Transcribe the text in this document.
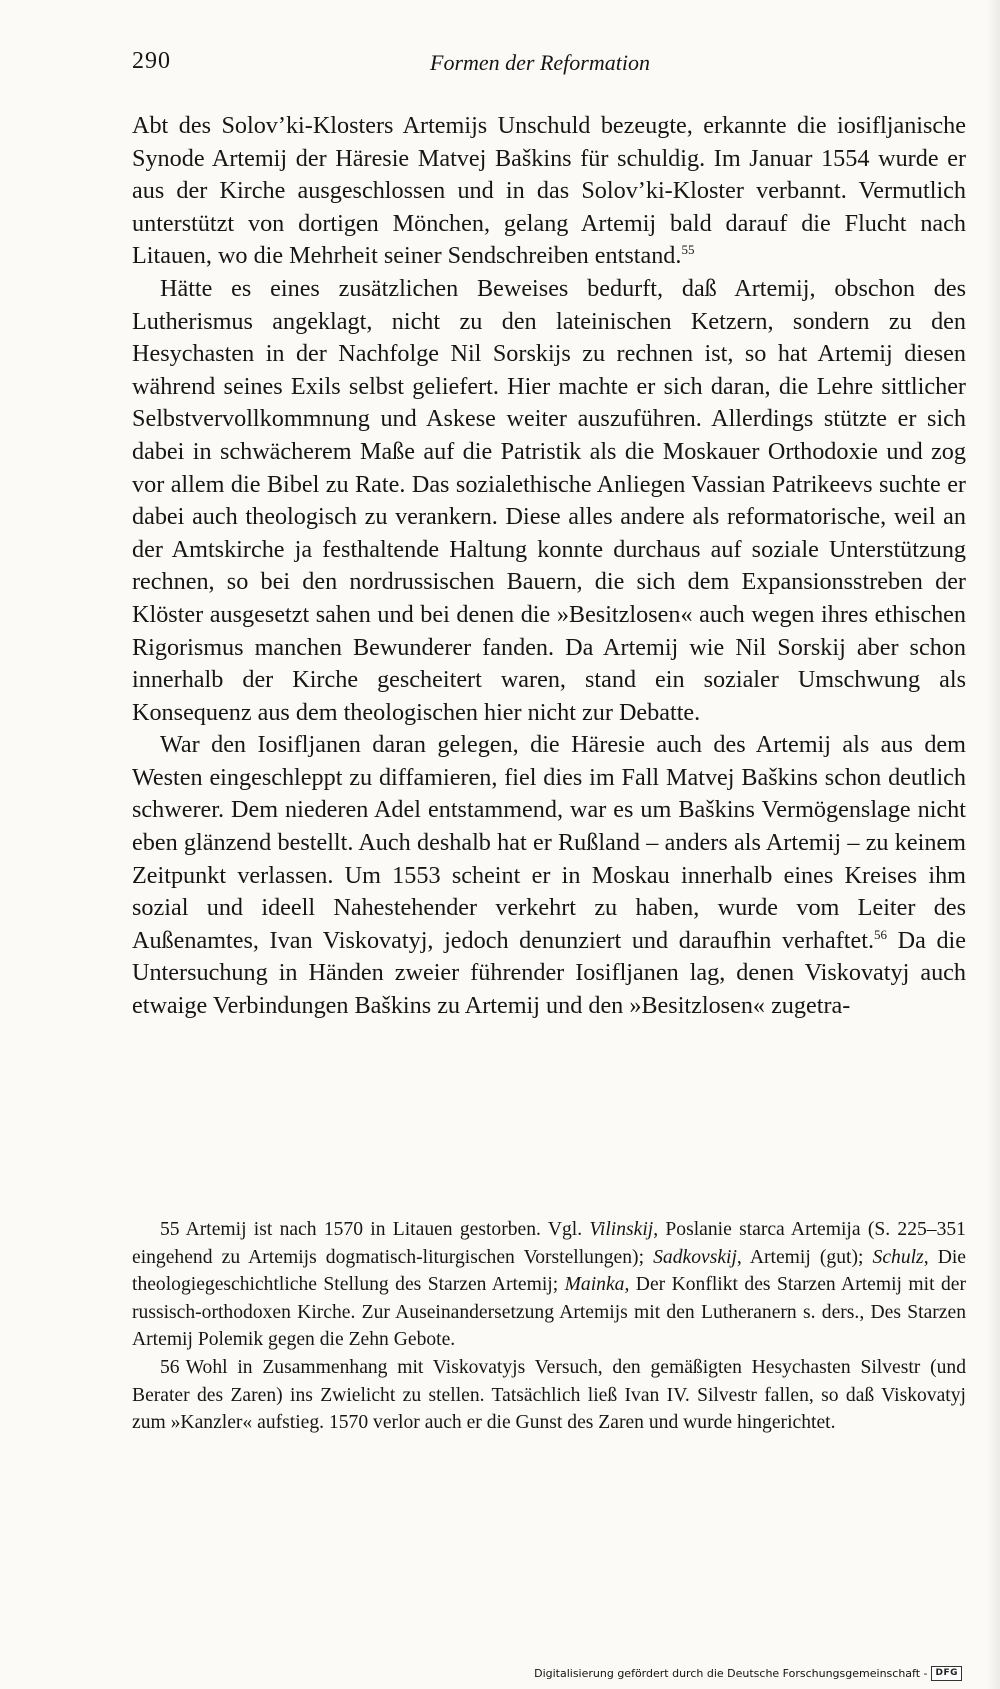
290	Formen der Reformation

Abt des Solov’ki-Klosters Artemijs Unschuld bezeugte, erkannte die iosifljanische Synode Artemij der Häresie Matvej Baškins für schuldig. Im Januar 1554 wurde er aus der Kirche ausgeschlossen und in das Solov’ki-Kloster verbannt. Vermutlich unterstützt von dortigen Mönchen, gelang Artemij bald darauf die Flucht nach Litauen, wo die Mehrheit seiner Sendschreiben entstand.$^{55}$

Hätte es eines zusätzlichen Beweises bedurft, daß Artemij, obschon des Lutherismus angeklagt, nicht zu den lateinischen Ketzern, sondern zu den Hesychasten in der Nachfolge Nil Sorskijs zu rechnen ist, so hat Artemij diesen während seines Exils selbst geliefert. Hier machte er sich daran, die Lehre sittlicher Selbstvervollkommnung und Askese weiter auszuführen. Allerdings stützte er sich dabei in schwächerem Maße auf die Patristik als die Moskauer Orthodoxie und zog vor allem die Bibel zu Rate. Das sozialethische Anliegen Vassian Patrikeevs suchte er dabei auch theologisch zu verankern. Diese alles andere als reformatorische, weil an der Amtskirche ja festhaltende Haltung konnte durchaus auf soziale Unterstützung rechnen, so bei den nordrussischen Bauern, die sich dem Expansionsstreben der Klöster ausgesetzt sahen und bei denen die »Besitzlosen« auch wegen ihres ethischen Rigorismus manchen Bewunderer fanden. Da Artemij wie Nil Sorskij aber schon innerhalb der Kirche gescheitert waren, stand ein sozialer Umschwung als Konsequenz aus dem theologischen hier nicht zur Debatte.

War den Iosifljanen daran gelegen, die Häresie auch des Artemij als aus dem Westen eingeschleppt zu diffamieren, fiel dies im Fall Matvej Baškins schon deutlich schwerer. Dem niederen Adel entstammend, war es um Baškins Vermögenslage nicht eben glänzend bestellt. Auch deshalb hat er Rußland – anders als Artemij – zu keinem Zeitpunkt verlassen. Um 1553 scheint er in Moskau innerhalb eines Kreises ihm sozial und ideell Nahestehender verkehrt zu haben, wurde vom Leiter des Außenamtes, Ivan Viskovatyj, jedoch denunziert und daraufhin verhaftet.$^{56}$ Da die Untersuchung in Händen zweier führender Iosifljanen lag, denen Viskovatyj auch etwaige Verbindungen Baškins zu Artemij und den »Besitzlosen« zugetra-

55 Artemij ist nach 1570 in Litauen gestorben. Vgl. Vilinskij, Poslanie starca Artemija (S. 225–351 eingehend zu Artemijs dogmatisch-liturgischen Vorstellungen); Sadkovskij, Artemij (gut); Schulz, Die theologiegeschichtliche Stellung des Starzen Artemij; Mainka, Der Konflikt des Starzen Artemij mit der russisch-orthodoxen Kirche. Zur Auseinandersetzung Artemijs mit den Lutheranern s. ders., Des Starzen Artemij Polemik gegen die Zehn Gebote.

56 Wohl in Zusammenhang mit Viskovatyjs Versuch, den gemäßigten Hesychasten Silvestr (und Berater des Zaren) ins Zwielicht zu stellen. Tatsächlich ließ Ivan IV. Silvestr fallen, so daß Viskovatyj zum »Kanzler« aufstieg. 1570 verlor auch er die Gunst des Zaren und wurde hingerichtet.

Digitalisierung gefördert durch die Deutsche Forschungsgemeinschaft - DFG
